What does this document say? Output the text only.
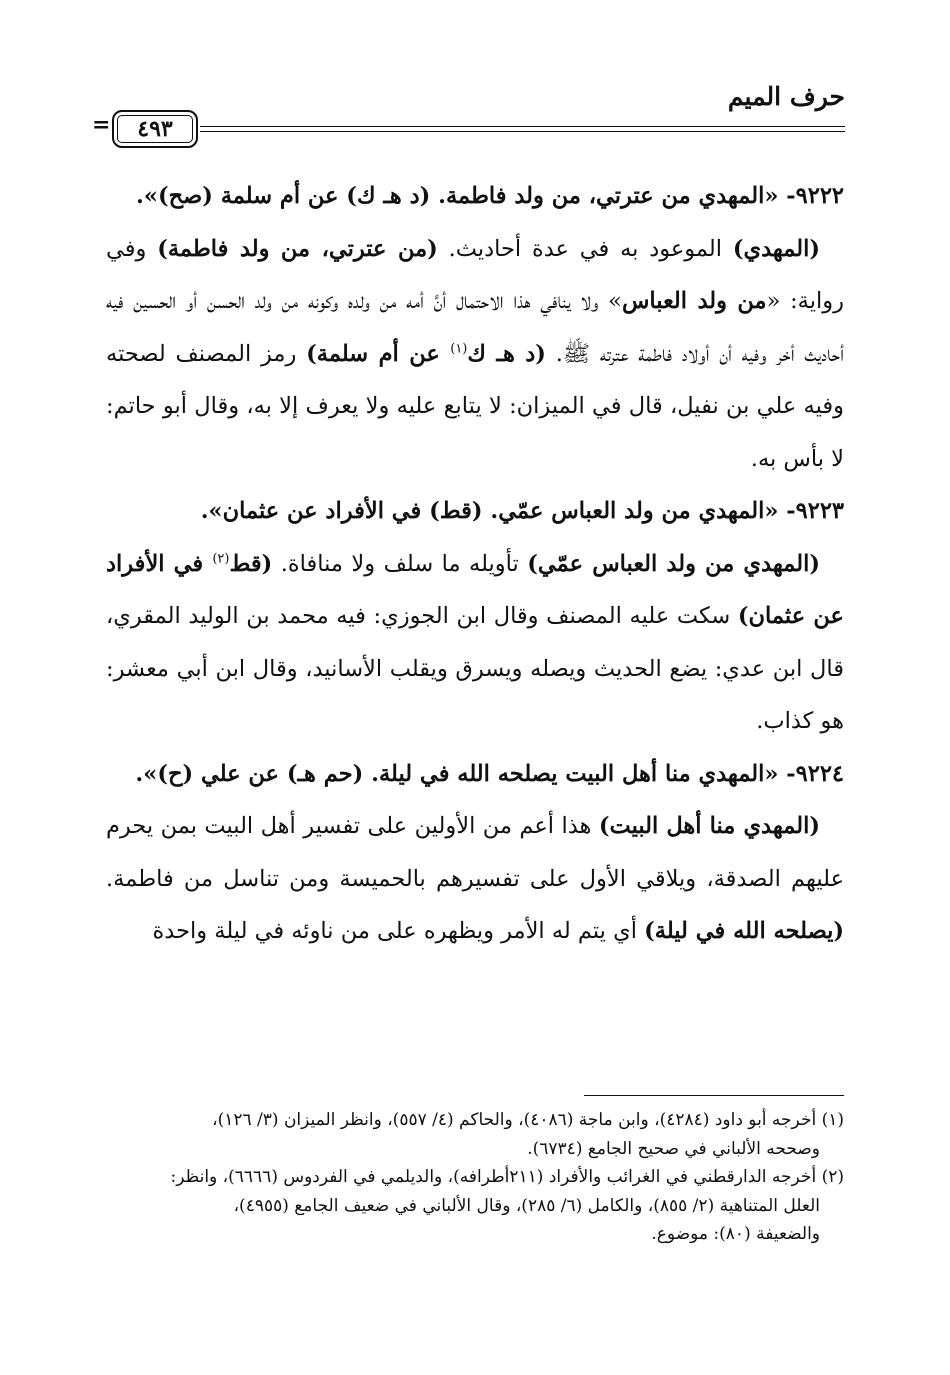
حرف الميم
٤٩٣
=

٩٢٢٢- «المهدي من عترتي، من ولد فاطمة. (د هـ ك) عن أم سلمة (صح)».

(المهدي) الموعود به في عدة أحاديث. (من عترتي، من ولد فاطمة) وفي رواية: «من ولد العباس» ولا ينافي هذا الاحتمال أنَّ أمه من ولده وكونه من ولد الحسن أو الحسين فيه أحاديث أخر وفيه أن أولاد فاطمة عترته ﷺ. (د هـ ك$^{(١)}$ عن أم سلمة) رمز المصنف لصحته وفيه علي بن نفيل، قال في الميزان: لا يتابع عليه ولا يعرف إلا به، وقال أبو حاتم: لا بأس به.

٩٢٢٣- «المهدي من ولد العباس عمّي. (قط) في الأفراد عن عثمان».

(المهدي من ولد العباس عمّي) تأويله ما سلف ولا منافاة. (قط$^{(٢)}$ في الأفراد عن عثمان) سكت عليه المصنف وقال ابن الجوزي: فيه محمد بن الوليد المقري، قال ابن عدي: يضع الحديث ويصله ويسرق ويقلب الأسانيد، وقال ابن أبي معشر: هو كذاب.

٩٢٢٤- «المهدي منا أهل البيت يصلحه الله في ليلة. (حم هـ) عن علي (ح)».

(المهدي منا أهل البيت) هذا أعم من الأولين على تفسير أهل البيت بمن يحرم عليهم الصدقة، ويلاقي الأول على تفسيرهم بالحميسة ومن تناسل من فاطمة. (يصلحه الله في ليلة) أي يتم له الأمر ويظهره على من ناوئه في ليلة واحدة

(١) أخرجه أبو داود (٤٢٨٤)، وابن ماجة (٤٠٨٦)، والحاكم (٤/ ٥٥٧)، وانظر الميزان (٣/ ١٢٦)،
وصححه الألباني في صحيح الجامع (٦٧٣٤).

(٢) أخرجه الدارقطني في الغرائب والأفراد (٢١١أطرافه)، والديلمي في الفردوس (٦٦٦٦)، وانظر:
العلل المتناهية (٢/ ٨٥٥)، والكامل (٦/ ٢٨٥)، وقال الألباني في ضعيف الجامع (٤٩٥٥)،
والضعيفة (٨٠): موضوع.
